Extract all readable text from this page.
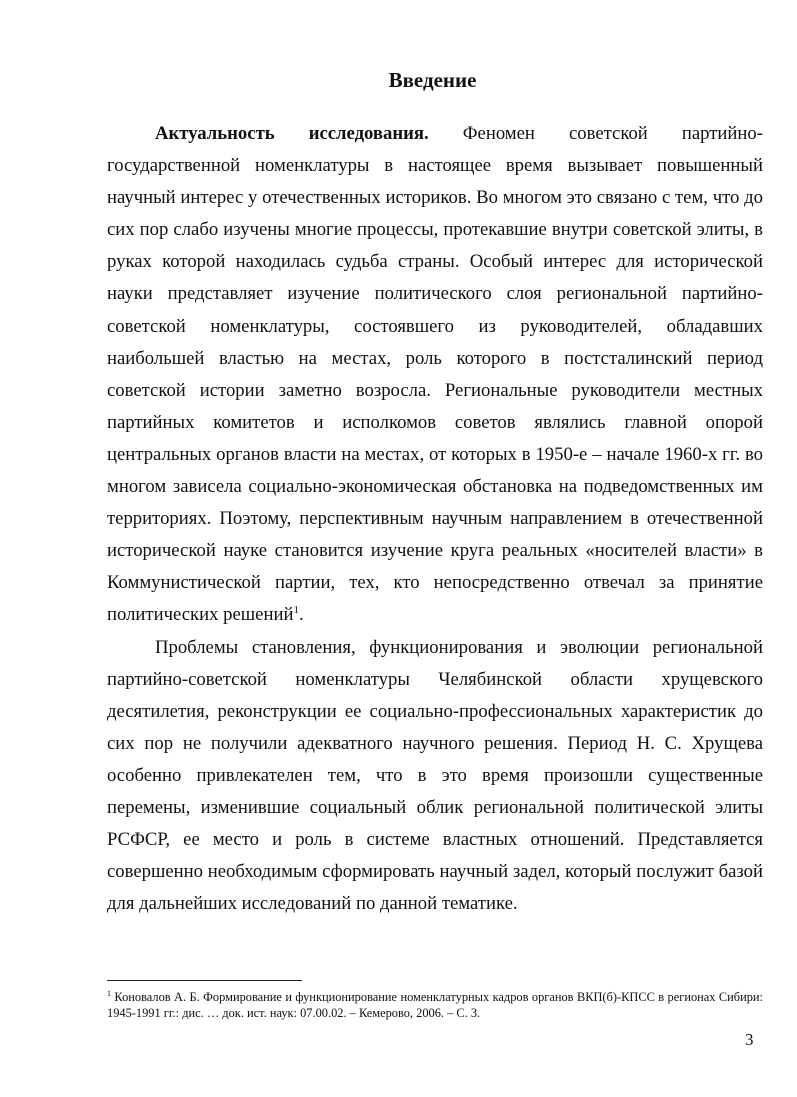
Введение

Актуальность исследования. Феномен советской партийно-государственной номенклатуры в настоящее время вызывает повышенный научный интерес у отечественных историков. Во многом это связано с тем, что до сих пор слабо изучены многие процессы, протекавшие внутри советской элиты, в руках которой находилась судьба страны. Особый интерес для исторической науки представляет изучение политического слоя региональной партийно-советской номенклатуры, состоявшего из руководителей, обладавших наибольшей властью на местах, роль которого в постсталинский период советской истории заметно возросла. Региональные руководители местных партийных комитетов и исполкомов советов являлись главной опорой центральных органов власти на местах, от которых в 1950-е – начале 1960-х гг. во многом зависела социально-экономическая обстановка на подведомственных им территориях. Поэтому, перспективным научным направлением в отечественной исторической науке становится изучение круга реальных «носителей власти» в Коммунистической партии, тех, кто непосредственно отвечал за принятие политических решений$^1$.

Проблемы становления, функционирования и эволюции региональной партийно-советской номенклатуры Челябинской области хрущевского десятилетия, реконструкции ее социально-профессиональных характеристик до сих пор не получили адекватного научного решения. Период Н. С. Хрущева особенно привлекателен тем, что в это время произошли существенные перемены, изменившие социальный облик региональной политической элиты РСФСР, ее место и роль в системе властных отношений. Представляется совершенно необходимым сформировать научный задел, который послужит базой для дальнейших исследований по данной тематике.

$^1$ Коновалов А. Б. Формирование и функционирование номенклатурных кадров органов ВКП(б)-КПСС в регионах Сибири: 1945-1991 гг.: дис. … док. ист. наук: 07.00.02. – Кемерово, 2006. – С. 3.
3
